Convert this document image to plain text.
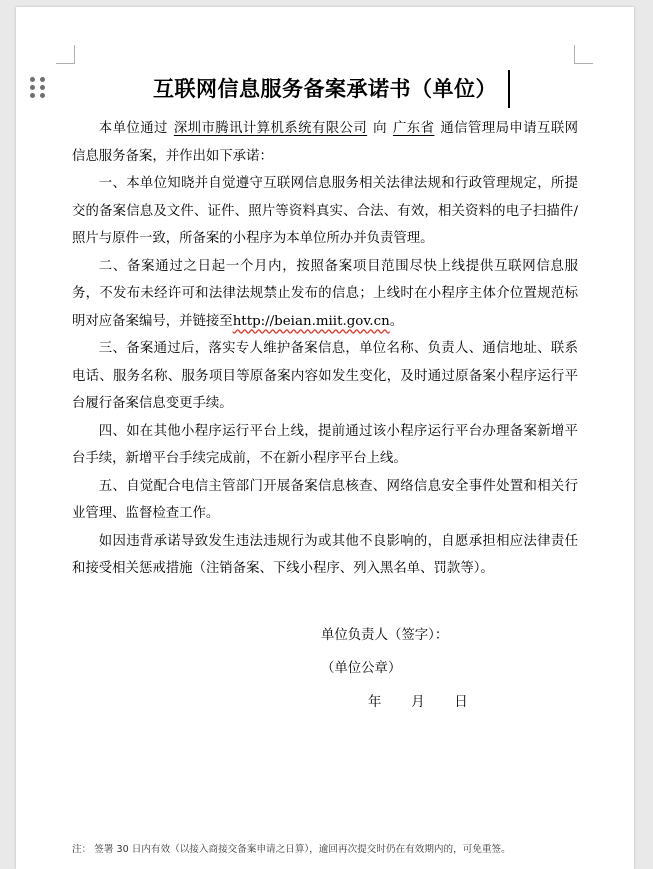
互联网信息服务备案承诺书（单位）

本单位通过 深圳市腾讯计算机系统有限公司 向 广东省 通信管理局申请互联网信息服务备案，并作出如下承诺：

一、本单位知晓并自觉遵守互联网信息服务相关法律法规和行政管理规定，所提交的备案信息及文件、证件、照片等资料真实、合法、有效，相关资料的电子扫描件/照片与原件一致，所备案的小程序为本单位所办并负责管理。

二、备案通过之日起一个月内，按照备案项目范围尽快上线提供互联网信息服务，不发布未经许可和法律法规禁止发布的信息；上线时在小程序主体介位置规范标明对应备案编号，并链接至http://beian.miit.gov.cn。

三、备案通过后，落实专人维护备案信息，单位名称、负责人、通信地址、联系电话、服务名称、服务项目等原备案内容如发生变化，及时通过原备案小程序运行平台履行备案信息变更手续。

四、如在其他小程序运行平台上线，提前通过该小程序运行平台办理备案新增平台手续，新增平台手续完成前，不在新小程序平台上线。

五、自觉配合电信主管部门开展备案信息核查、网络信息安全事件处置和相关行业管理、监督检查工作。

如因违背承诺导致发生违法违规行为或其他不良影响的，自愿承担相应法律责任和接受相关惩戒措施（注销备案、下线小程序、列入黑名单、罚款等）。

单位负责人（签字）：
（单位公章）
年 月 日
注： 签署 30 日内有效（以接入商接交备案申请之日算），逾回再次提交时仍在有效期内的，可免重签。
